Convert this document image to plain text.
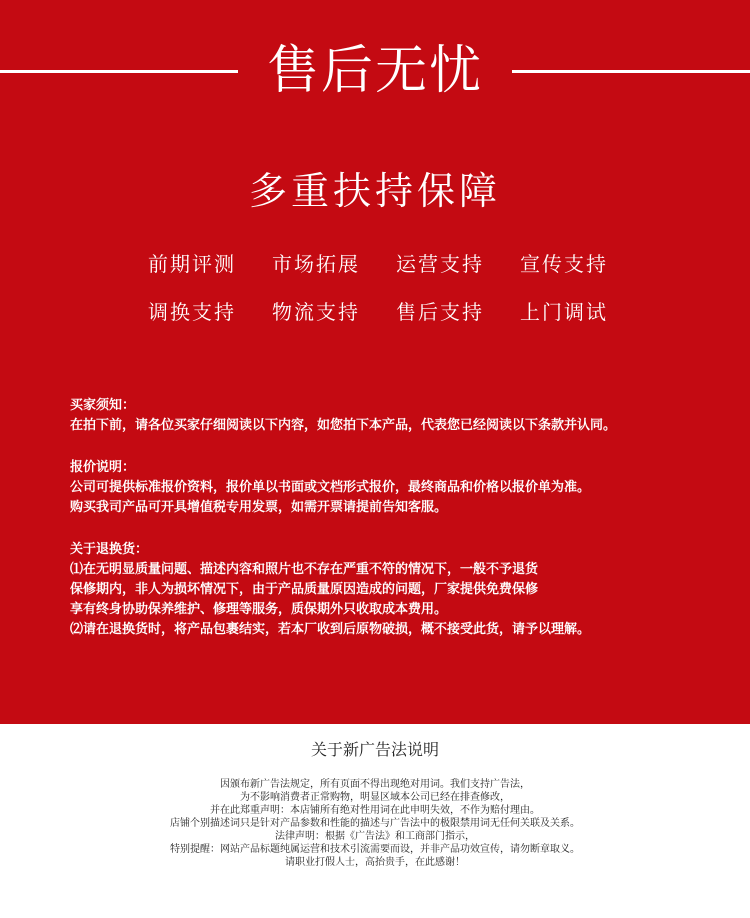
售后无忧
多重扶持保障
前期评测	市场拓展	运营支持	宣传支持
调换支持	物流支持	售后支持	上门调试
买家须知：
在拍下前，请各位买家仔细阅读以下内容，如您拍下本产品，代表您已经阅读以下条款并认同。
报价说明：
公司可提供标准报价资料，报价单以书面或文档形式报价，最终商品和价格以报价单为准。
购买我司产品可开具增值税专用发票，如需开票请提前告知客服。
关于退换货：
⑴在无明显质量问题、描述内容和照片也不存在严重不符的情况下，一般不予退货
保修期内，非人为损坏情况下，由于产品质量原因造成的问题，厂家提供免费保修
享有终身协助保养维护、修理等服务，质保期外只收取成本费用。
⑵请在退换货时，将产品包裹结实，若本厂收到后原物破损，概不接受此货，请予以理解。
关于新广告法说明
因颁布新广告法规定，所有页面不得出现绝对用词。我们支持广告法，
为不影响消费者正常购物，明显区域本公司已经在排查修改，
并在此郑重声明：本店铺所有绝对性用词在此申明失效，不作为赔付理由。
店铺个别描述词只是针对产品参数和性能的描述与广告法中的极限禁用词无任何关联及关系。
法律声明：根据《广告法》和工商部门指示，
特别提醒：网站产品标题纯属运营和技术引流需要而设，并非产品功效宣传，请勿断章取义。
请职业打假人士，高抬贵手，在此感谢！
